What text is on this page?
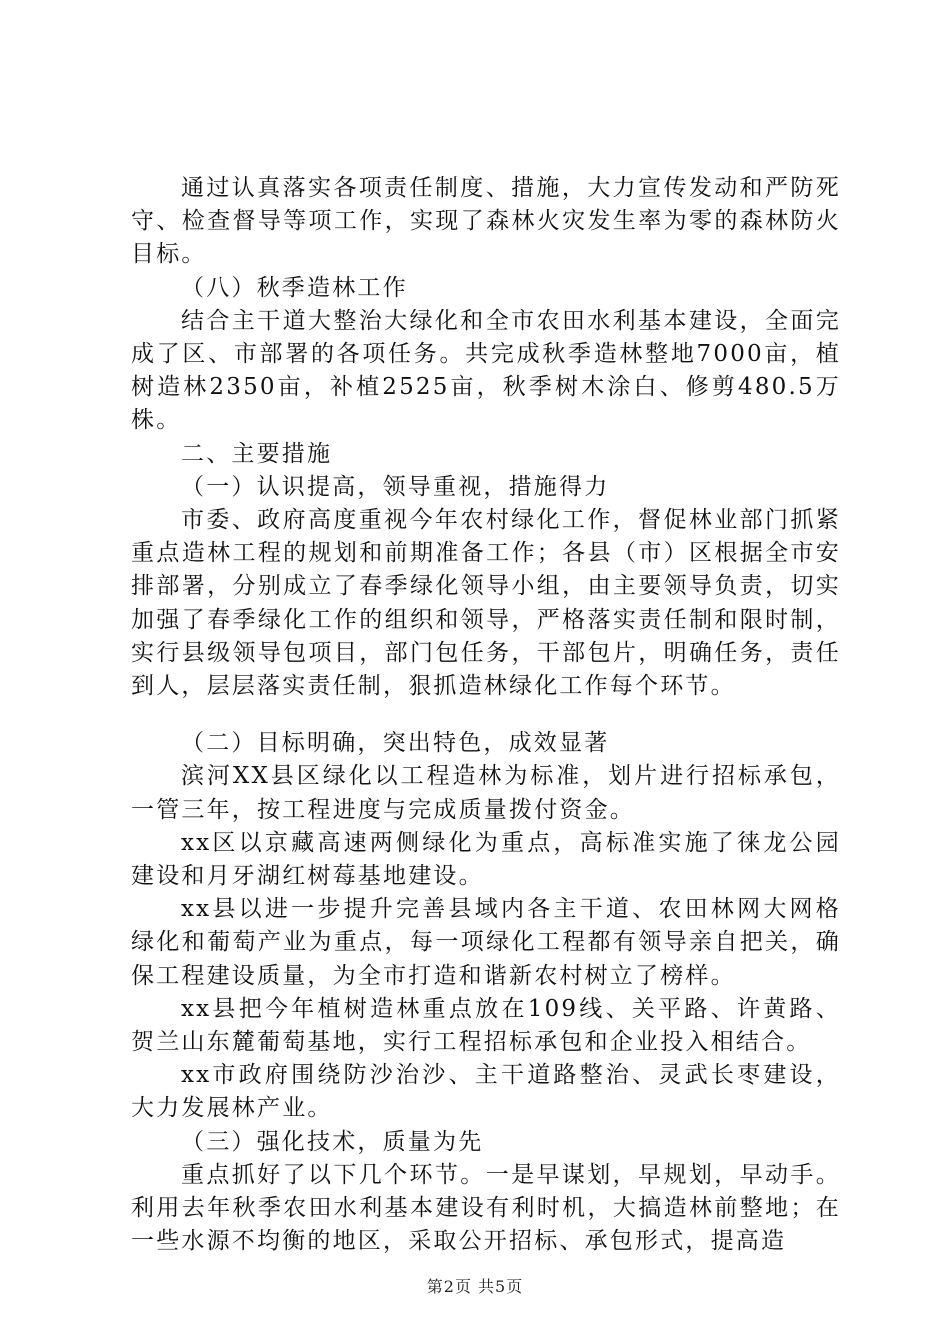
通过认真落实各项责任制度、措施，大力宣传发动和严防死守、检查督导等项工作，实现了森林火灾发生率为零的森林防火目标。

（八）秋季造林工作

结合主干道大整治大绿化和全市农田水利基本建设，全面完成了区、市部署的各项任务。共完成秋季造林整地7000亩，植树造林2350亩，补植2525亩，秋季树木涂白、修剪480.5万株。

二、主要措施

（一）认识提高，领导重视，措施得力

市委、政府高度重视今年农村绿化工作，督促林业部门抓紧重点造林工程的规划和前期准备工作；各县（市）区根据全市安排部署，分别成立了春季绿化领导小组，由主要领导负责，切实加强了春季绿化工作的组织和领导，严格落实责任制和限时制，实行县级领导包项目，部门包任务，干部包片，明确任务，责任到人，层层落实责任制，狠抓造林绿化工作每个环节。

（二）目标明确，突出特色，成效显著

滨河XX县区绿化以工程造林为标准，划片进行招标承包，一管三年，按工程进度与完成质量拨付资金。

xx区以京藏高速两侧绿化为重点，高标准实施了徕龙公园建设和月牙湖红树莓基地建设。

xx县以进一步提升完善县域内各主干道、农田林网大网格绿化和葡萄产业为重点，每一项绿化工程都有领导亲自把关，确保工程建设质量，为全市打造和谐新农村树立了榜样。

xx县把今年植树造林重点放在109线、关平路、许黄路、贺兰山东麓葡萄基地，实行工程招标承包和企业投入相结合。

xx市政府围绕防沙治沙、主干道路整治、灵武长枣建设，大力发展林产业。

（三）强化技术，质量为先

重点抓好了以下几个环节。一是早谋划，早规划，早动手。利用去年秋季农田水利基本建设有利时机，大搞造林前整地；在一些水源不均衡的地区，采取公开招标、承包形式，提高造

第2页 共5页
